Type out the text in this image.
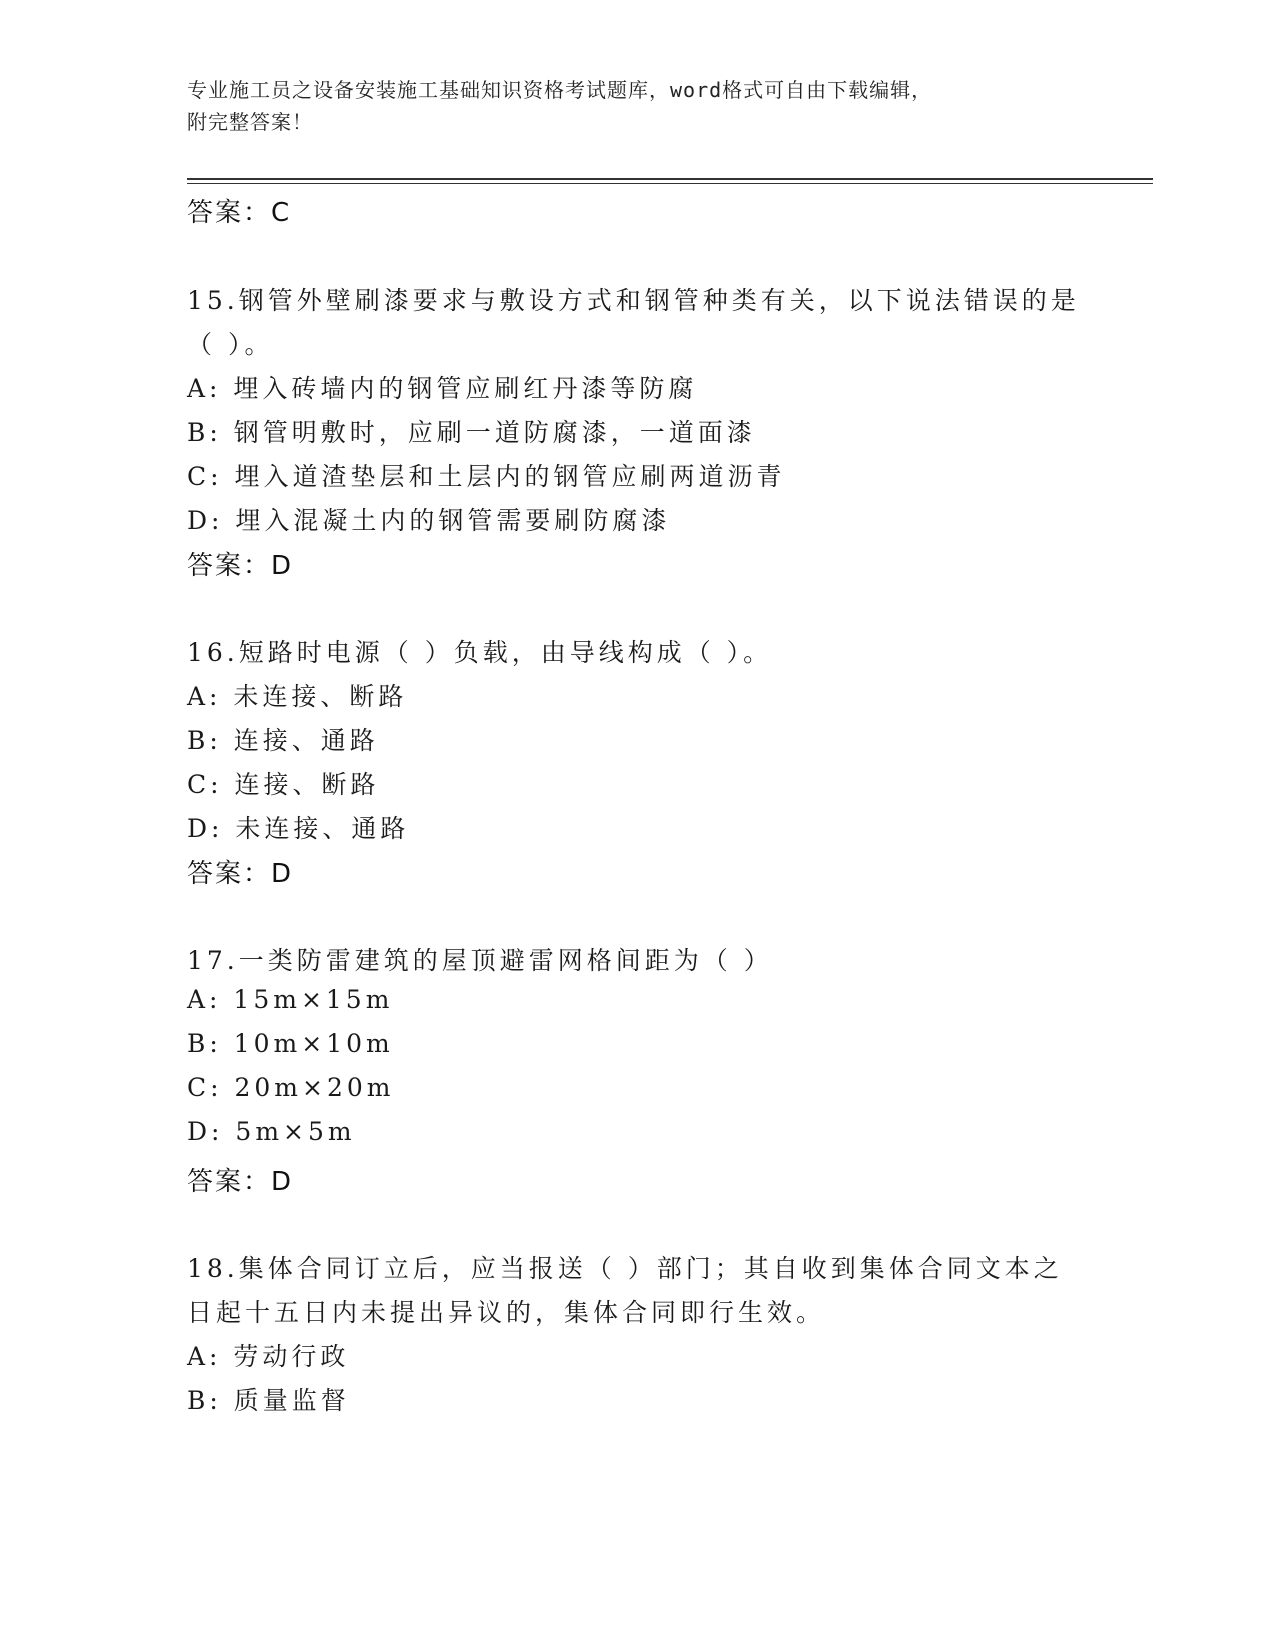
专业施工员之设备安装施工基础知识资格考试题库，word格式可自由下载编辑，
附完整答案！
答案：C
15.钢管外壁刷漆要求与敷设方式和钢管种类有关，以下说法错误的是
（ ）。
A: 埋入砖墙内的钢管应刷红丹漆等防腐
B: 钢管明敷时，应刷一道防腐漆，一道面漆
C: 埋入道渣垫层和土层内的钢管应刷两道沥青
D: 埋入混凝土内的钢管需要刷防腐漆
答案：D
16.短路时电源（ ）负载，由导线构成（ ）。
A: 未连接、断路
B: 连接、通路
C: 连接、断路
D: 未连接、通路
答案：D
17.一类防雷建筑的屋顶避雷网格间距为（ ）
A: 15m×15m
B: 10m×10m
C: 20m×20m
D: 5m×5m
答案：D
18.集体合同订立后，应当报送（ ）部门；其自收到集体合同文本之
日起十五日内未提出异议的，集体合同即行生效。
A: 劳动行政
B: 质量监督
